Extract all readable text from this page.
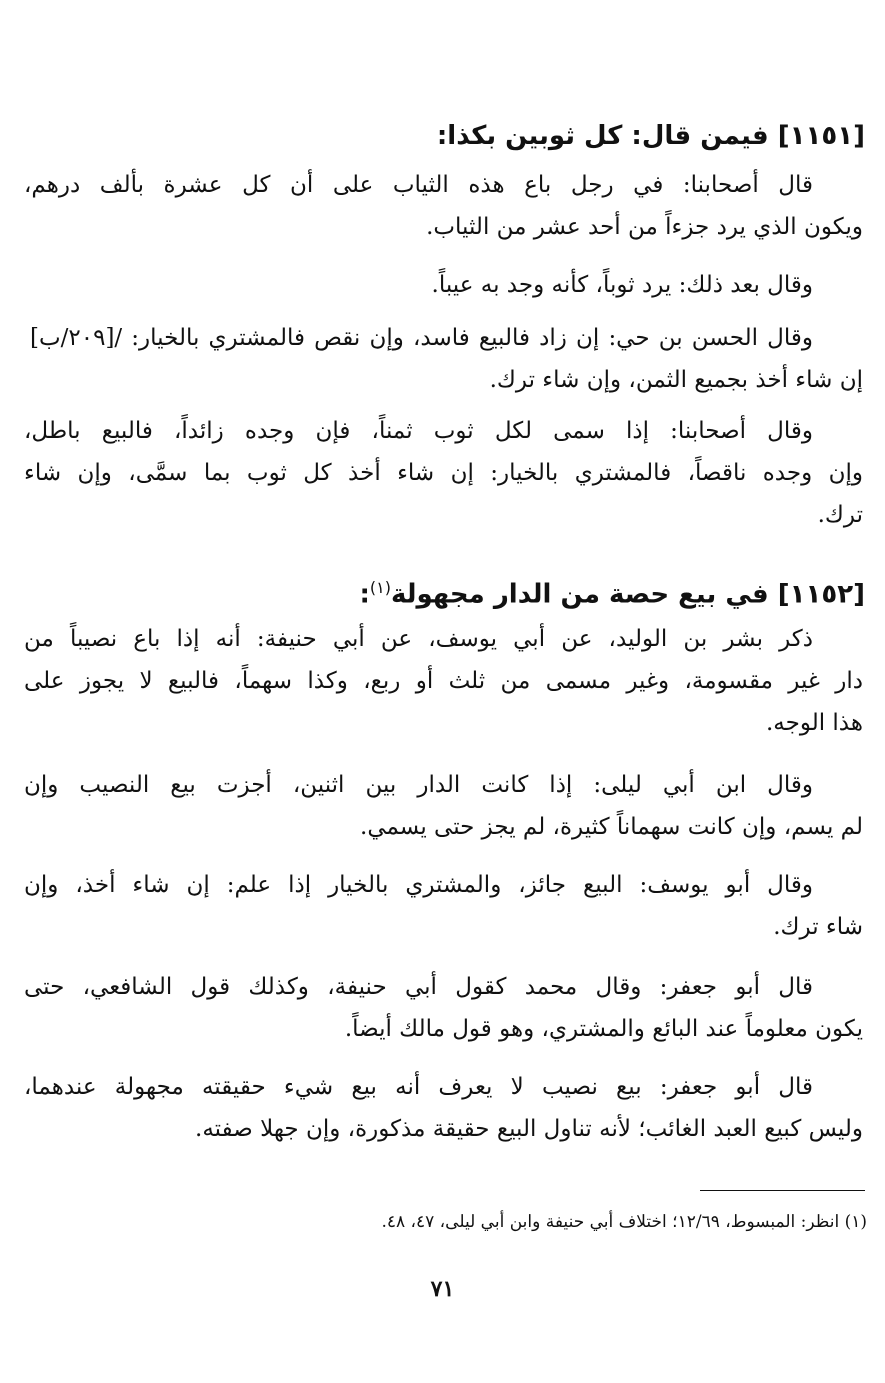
[١١٥١] فيمن قال: كل ثوبين بكذا:
قال أصحابنا: في رجل باع هذه الثياب على أن كل عشرة بألف درهم،
ويكون الذي يرد جزءاً من أحد عشر من الثياب.
وقال بعد ذلك: يرد ثوباً، كأنه وجد به عيباً.
وقال الحسن بن حي: إن زاد فالبيع فاسد، وإن نقص فالمشتري بالخيار: /[٢٠٩/ب]
إن شاء أخذ بجميع الثمن، وإن شاء ترك.
وقال أصحابنا: إذا سمى لكل ثوب ثمناً، فإن وجده زائداً، فالبيع باطل،
وإن وجده ناقصاً، فالمشتري بالخيار: إن شاء أخذ كل ثوب بما سمَّى، وإن شاء
ترك.
[١١٥٢] في بيع حصة من الدار مجهولة$^{(١)}$:
ذكر بشر بن الوليد، عن أبي يوسف، عن أبي حنيفة: أنه إذا باع نصيباً من
دار غير مقسومة، وغير مسمى من ثلث أو ربع، وكذا سهماً، فالبيع لا يجوز على
هذا الوجه.
وقال ابن أبي ليلى: إذا كانت الدار بين اثنين، أجزت بيع النصيب وإن
لم يسم، وإن كانت سهماناً كثيرة، لم يجز حتى يسمي.
وقال أبو يوسف: البيع جائز، والمشتري بالخيار إذا علم: إن شاء أخذ، وإن
شاء ترك.
قال أبو جعفر: وقال محمد كقول أبي حنيفة، وكذلك قول الشافعي، حتى
يكون معلوماً عند البائع والمشتري، وهو قول مالك أيضاً.
قال أبو جعفر: بيع نصيب لا يعرف أنه بيع شيء حقيقته مجهولة عندهما،
وليس كبيع العبد الغائب؛ لأنه تناول البيع حقيقة مذكورة، وإن جهلا صفته.
(١) انظر: المبسوط، ١٢/٦٩؛ اختلاف أبي حنيفة وابن أبي ليلى، ٤٧، ٤٨.
٧١
